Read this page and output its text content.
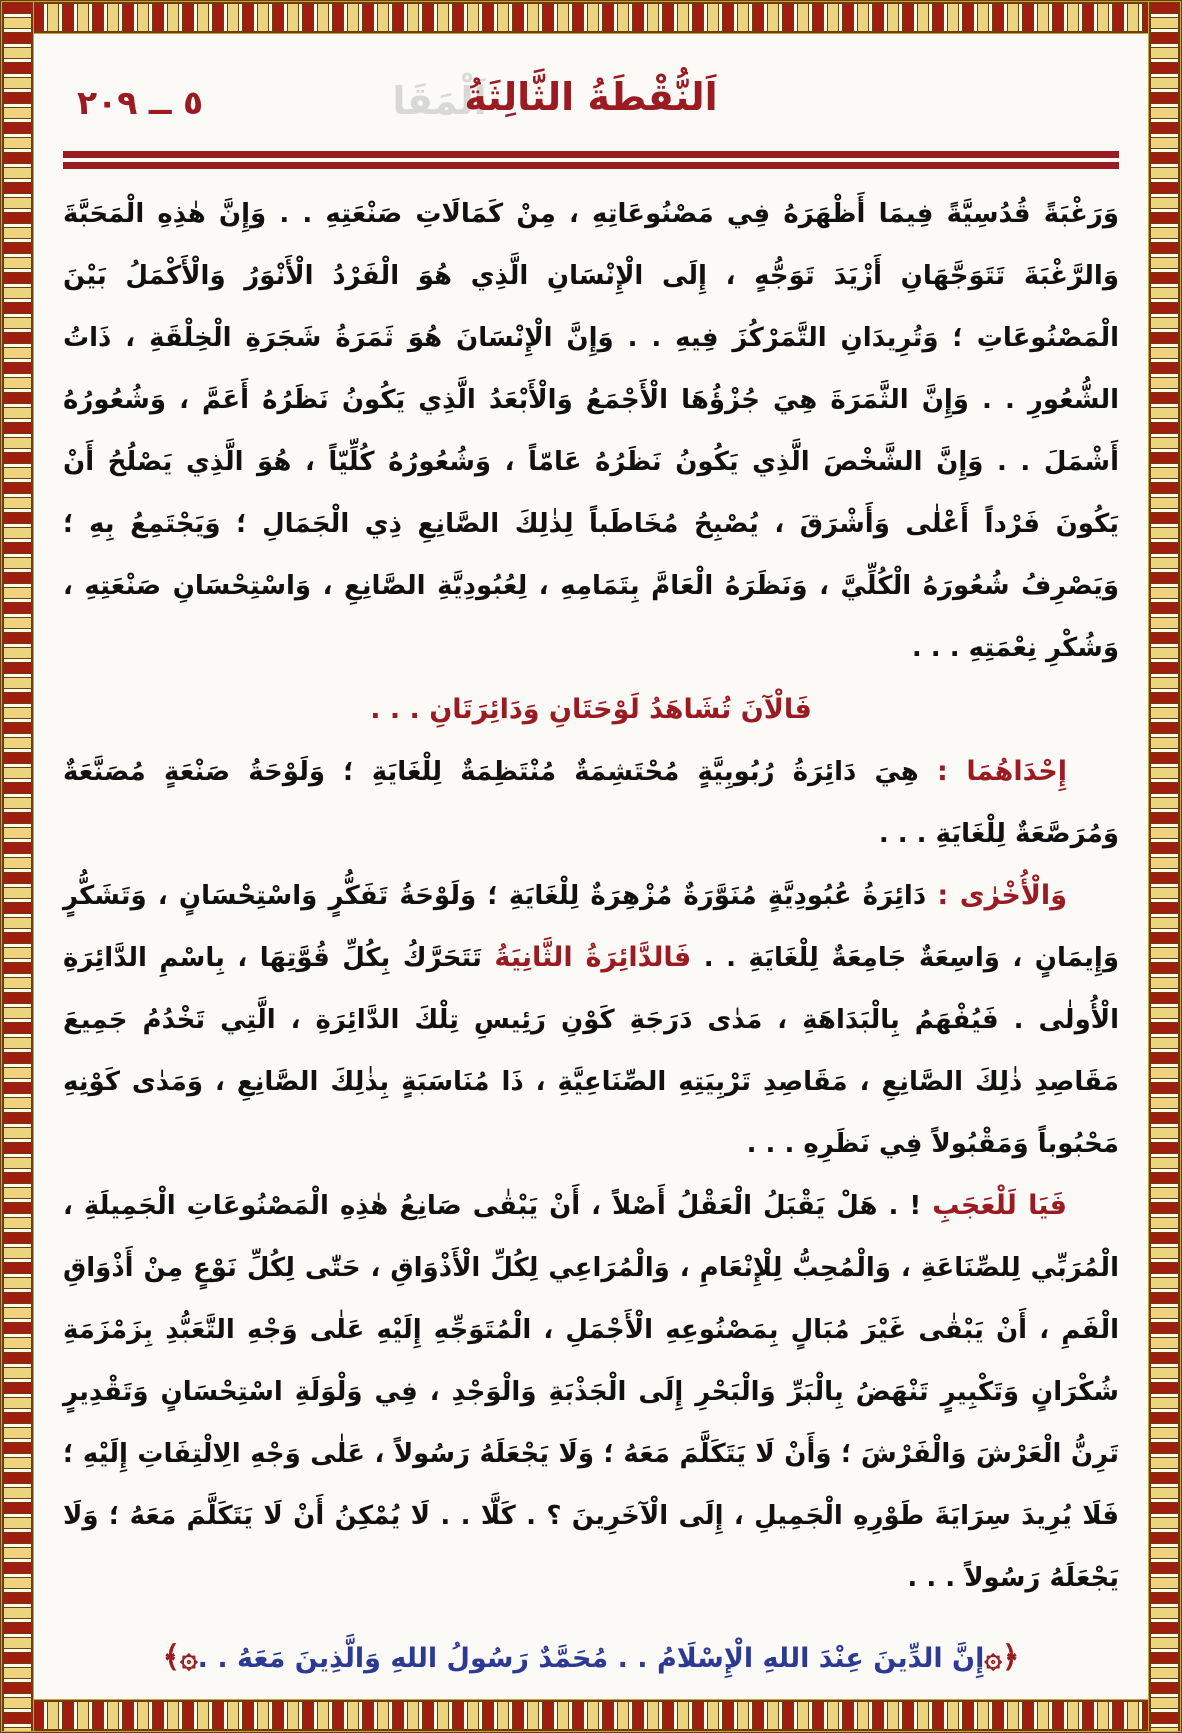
٥ ــ ٢٠٩	اَلْمَقَا
اَلنُّقْطَةُ الثَّالِثَةُ

وَرَغْبَةً قُدُسِيَّةً فِيمَا أَظْهَرَهُ فِي مَصْنُوعَاتِهِ ، مِنْ كَمَالَاتِ صَنْعَتِهِ . . وَإِنَّ هٰذِهِ الْمَحَبَّةَ وَالرَّغْبَةَ تَتَوَجَّهَانِ أَزْيَدَ تَوَجُّهٍ ، إِلَى الْإِنْسَانِ الَّذِي هُوَ الْفَرْدُ الْأَنْوَرُ وَالْأَكْمَلُ بَيْنَ الْمَصْنُوعَاتِ ؛ وَتُرِيدَانِ التَّمَرْكُزَ فِيهِ . . وَإِنَّ الْإِنْسَانَ هُوَ ثَمَرَةُ شَجَرَةِ الْخِلْقَةِ ، ذَاتُ الشُّعُورِ . . وَإِنَّ الثَّمَرَةَ هِيَ جُزْؤُهَا الْأَجْمَعُ وَالْأَبْعَدُ الَّذِي يَكُونُ نَظَرُهُ أَعَمَّ ، وَشُعُورُهُ أَشْمَلَ . . وَإِنَّ الشَّخْصَ الَّذِي يَكُونُ نَظَرُهُ عَامّاً ، وَشُعُورُهُ كُلِّيّاً ، هُوَ الَّذِي يَصْلُحُ أَنْ يَكُونَ فَرْداً أَعْلٰى وَأَشْرَقَ ، يُصْبِحُ مُخَاطَباً لِذٰلِكَ الصَّانِعِ ذِي الْجَمَالِ ؛ وَيَجْتَمِعُ بِهِ ؛ وَيَصْرِفُ شُعُورَهُ الْكُلِّيَّ ، وَنَظَرَهُ الْعَامَّ بِتَمَامِهِ ، لِعُبُودِيَّةِ الصَّانِعِ ، وَاسْتِحْسَانِ صَنْعَتِهِ ، وَشُكْرِ نِعْمَتِهِ . . .

فَالْآنَ تُشَاهَدُ لَوْحَتَانِ وَدَائِرَتَانِ . . .

إِحْدَاهُمَا : هِيَ دَائِرَةُ رُبُوبِيَّةٍ مُحْتَشِمَةٌ مُنْتَظِمَةٌ لِلْغَايَةِ ؛ وَلَوْحَةُ صَنْعَةٍ مُصَنَّعَةٌ وَمُرَصَّعَةٌ لِلْغَايَةِ . . .

وَالْأُخْرٰى : دَائِرَةُ عُبُودِيَّةٍ مُنَوَّرَةٌ مُزْهِرَةٌ لِلْغَايَةِ ؛ وَلَوْحَةُ تَفَكُّرٍ وَاسْتِحْسَانٍ ، وَتَشَكُّرٍ وَإِيمَانٍ ، وَاسِعَةٌ جَامِعَةٌ لِلْغَايَةِ . . فَالدَّائِرَةُ الثَّانِيَةُ تَتَحَرَّكُ بِكُلِّ قُوَّتِهَا ، بِاسْمِ الدَّائِرَةِ الْأُولٰى . فَيُفْهَمُ بِالْبَدَاهَةِ ، مَدٰى دَرَجَةِ كَوْنِ رَئِيسِ تِلْكَ الدَّائِرَةِ ، الَّتِي تَخْدُمُ جَمِيعَ مَقَاصِدِ ذٰلِكَ الصَّانِعِ ، مَقَاصِدِ تَرْبِيَتِهِ الصِّنَاعِيَّةِ ، ذَا مُنَاسَبَةٍ بِذٰلِكَ الصَّانِعِ ، وَمَدٰى كَوْنِهِ مَحْبُوباً وَمَقْبُولاً فِي نَظَرِهِ . . .

فَيَا لَلْعَجَبِ ! . هَلْ يَقْبَلُ الْعَقْلُ أَصْلاً ، أَنْ يَبْقٰى صَانِعُ هٰذِهِ الْمَصْنُوعَاتِ الْجَمِيلَةِ ، الْمُرَبِّي لِلصِّنَاعَةِ ، وَالْمُحِبُّ لِلْإِنْعَامِ ، وَالْمُرَاعِي لِكُلِّ الْأَذْوَاقِ ، حَتّٰى لِكُلِّ نَوْعٍ مِنْ أَذْوَاقِ الْفَمِ ، أَنْ يَبْقٰى غَيْرَ مُبَالٍ بِمَصْنُوعِهِ الْأَجْمَلِ ، الْمُتَوَجِّهِ إِلَيْهِ عَلٰى وَجْهِ التَّعَبُّدِ بِزَمْزَمَةِ شُكْرَانٍ وَتَكْبِيرٍ تَنْهَضُ بِالْبَرِّ وَالْبَحْرِ إِلَى الْجَذْبَةِ وَالْوَجْدِ ، فِي وَلْوَلَةِ اسْتِحْسَانٍ وَتَقْدِيرٍ تَرِنُّ الْعَرْشَ وَالْفَرْشَ ؛ وَأَنْ لَا يَتَكَلَّمَ مَعَهُ ؛ وَلَا يَجْعَلَهُ رَسُولاً ، عَلٰى وَجْهِ الِالْتِفَاتِ إِلَيْهِ ؛ فَلَا يُرِيدَ سِرَايَةَ طَوْرِهِ الْجَمِيلِ ، إِلَى الْآخَرِينَ ؟ . كَلَّا . . لَا يُمْكِنُ أَنْ لَا يَتَكَلَّمَ مَعَهُ ؛ وَلَا يَجْعَلَهُ رَسُولاً . . .

﴿۞إِنَّ الدِّينَ عِنْدَ اللهِ الْإِسْلَامُ . . مُحَمَّدٌ رَسُولُ اللهِ وَالَّذِينَ مَعَهُ . .۞﴾
